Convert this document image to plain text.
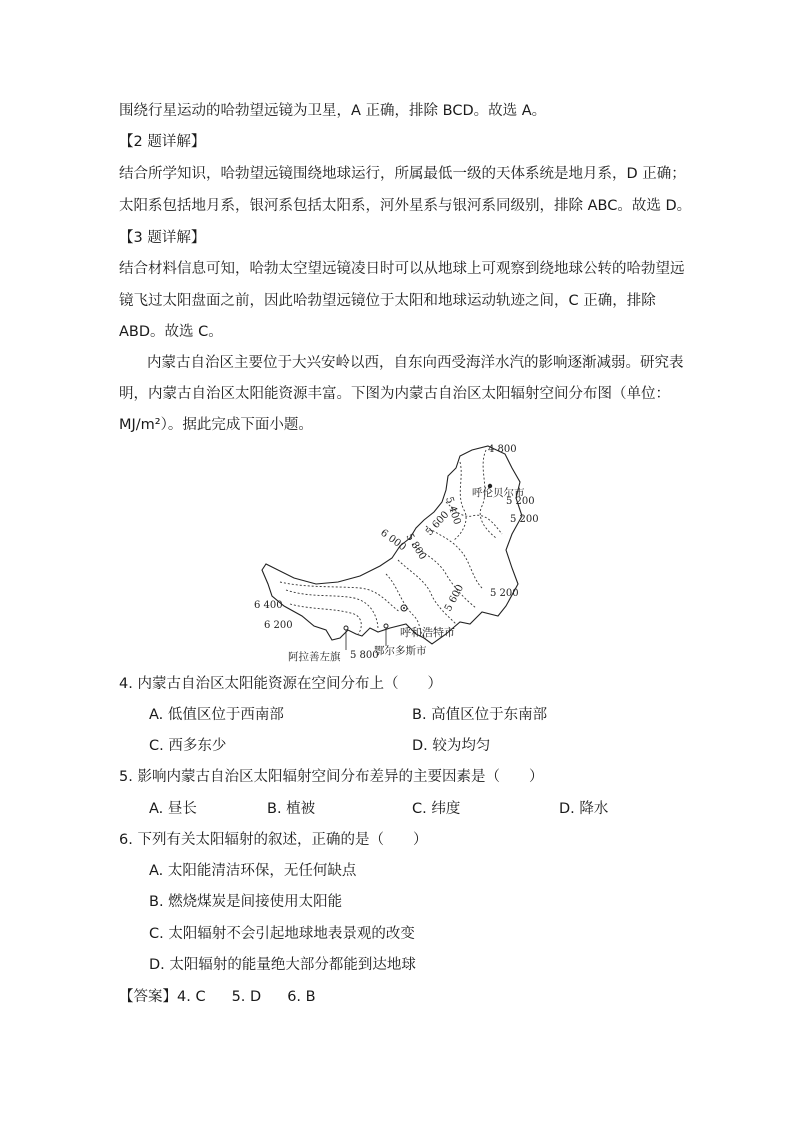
围绕行星运动的哈勃望远镜为卫星，A 正确，排除 BCD。故选 A。
【2 题详解】
结合所学知识，哈勃望远镜围绕地球运行，所属最低一级的天体系统是地月系，D 正确；
太阳系包括地月系，银河系包括太阳系，河外星系与银河系同级别，排除 ABC。故选 D。
【3 题详解】
结合材料信息可知，哈勃太空望远镜凌日时可以从地球上可观察到绕地球公转的哈勃望远
镜飞过太阳盘面之前，因此哈勃望远镜位于太阳和地球运动轨迹之间，C 正确，排除
ABD。故选 C。
内蒙古自治区主要位于大兴安岭以西，自东向西受海洋水汽的影响逐渐减弱。研究表
明，内蒙古自治区太阳能资源丰富。下图为内蒙古自治区太阳辐射空间分布图（单位：
MJ/m²）。据此完成下面小题。
4 800
5 400	5 200
5 200
5 600
5 800
6 000
6 400
6 200
5 800
5 600 5 200
呼伦贝尔市
呼和浩特市
阿拉善左旗	鄂尔多斯市
4. 内蒙古自治区太阳能资源在空间分布上（　　）
A. 低值区位于西南部	B. 高值区位于东南部
C. 西多东少	D. 较为均匀
5. 影响内蒙古自治区太阳辐射空间分布差异的主要因素是（　　）
A. 昼长	B. 植被	C. 纬度	D. 降水
6. 下列有关太阳辐射的叙述，正确的是（　　）
A. 太阳能清洁环保，无任何缺点
B. 燃烧煤炭是间接使用太阳能
C. 太阳辐射不会引起地球地表景观的改变
D. 太阳辐射的能量绝大部分都能到达地球
【答案】4. C 5. D 6. B
